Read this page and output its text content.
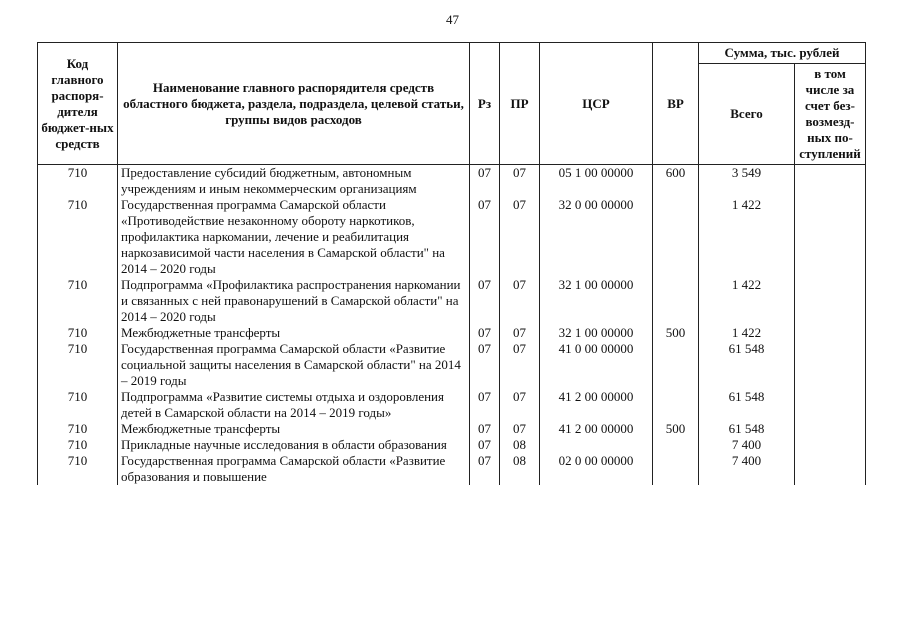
47
Код главного распоря-дителя бюджет-ных средств	Наименование главного распорядителя средств областного бюджета, раздела, подраздела, целевой статьи, группы видов расходов	Рз	ПР	ЦСР	ВР	Сумма, тыс. рублей	
						Всего	в том числе за счет без-возмезд-ных по-ступлений
710	Предоставление субсидий бюджетным, автономным учреждениям и иным некоммерческим организациям	07	07	05 1 00 00000	600	3 549	
710	Государственная программа Самарской области «Противодействие незаконному обороту наркотиков, профилактика наркомании, лечение и реабилитация наркозависимой части населения в Самарской области" на 2014 – 2020 годы	07	07	32 0 00 00000		1 422	
710	Подпрограмма «Профилактика распространения наркомании и связанных с ней правонарушений в Самарской области" на 2014 – 2020 годы	07	07	32 1 00 00000		1 422	
710	Межбюджетные трансферты	07	07	32 1 00 00000	500	1 422	
710	Государственная программа Самарской области «Развитие социальной защиты населения в Самарской области" на 2014 – 2019 годы	07	07	41 0 00 00000		61 548	
710	Подпрограмма «Развитие системы отдыха и оздоровления детей в Самарской области на 2014 – 2019 годы»	07	07	41 2 00 00000		61 548	
710	Межбюджетные трансферты	07	07	41 2 00 00000	500	61 548	
710	Прикладные научные исследования в области образования	07	08			7 400	
710	Государственная программа Самарской области «Развитие образования и повышение	07	08	02 0 00 00000		7 400	
